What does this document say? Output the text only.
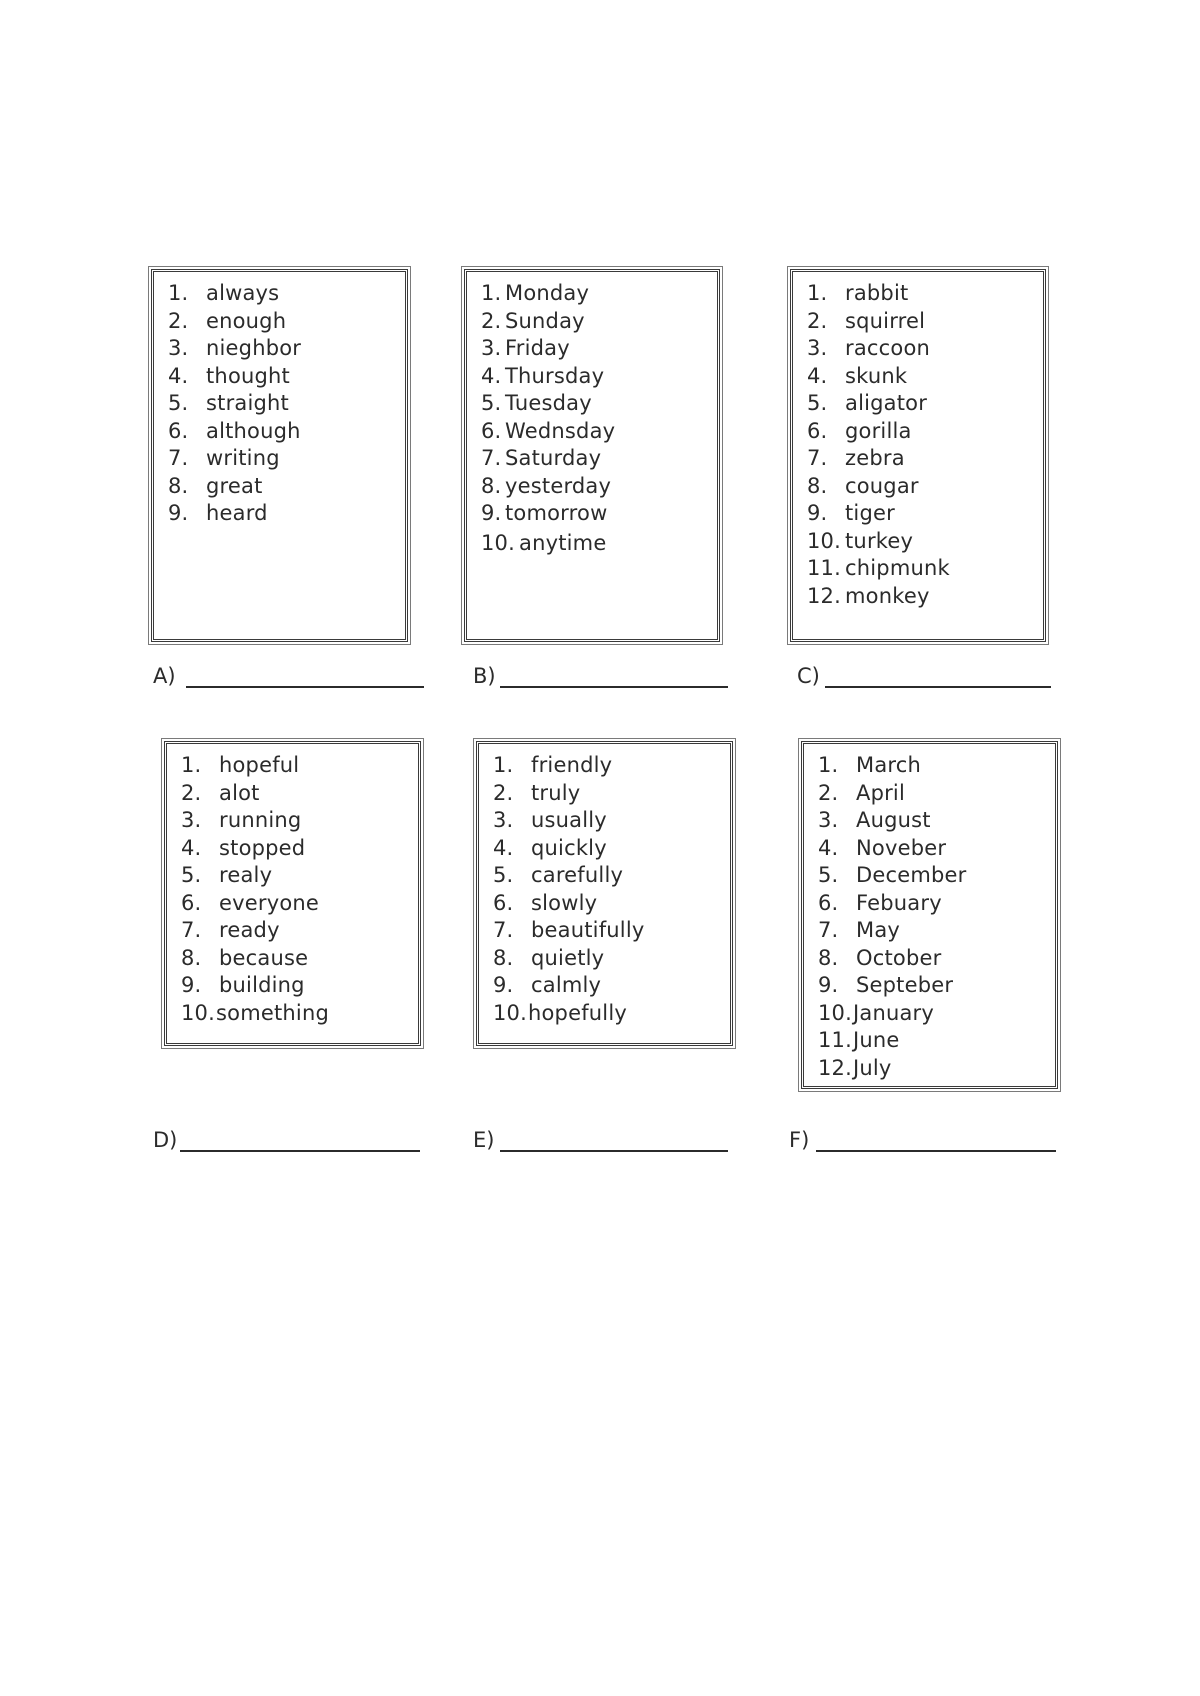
1. always
2. enough
3. nieghbor
4. thought
5. straight
6. although
7. writing
8. great
9. heard
A)
1. Monday
2. Sunday
3. Friday
4. Thursday
5. Tuesday
6. Wednsday
7. Saturday
8. yesterday
9. tomorrow
10. anytime
B)
1. rabbit
2. squirrel
3. raccoon
4. skunk
5. aligator
6. gorilla
7. zebra
8. cougar
9. tiger
10. turkey
11. chipmunk
12. monkey
C)
1. hopeful
2. alot
3. running
4. stopped
5. realy
6. everyone
7. ready
8. because
9. building
10.something
D)
1. friendly
2. truly
3. usually
4. quickly
5. carefully
6. slowly
7. beautifully
8. quietly
9. calmly
10.hopefully
E)
1. March
2. April
3. August
4. Noveber
5. December
6. Febuary
7. May
8. October
9. Septeber
10.January
11.June
12.July
F)
